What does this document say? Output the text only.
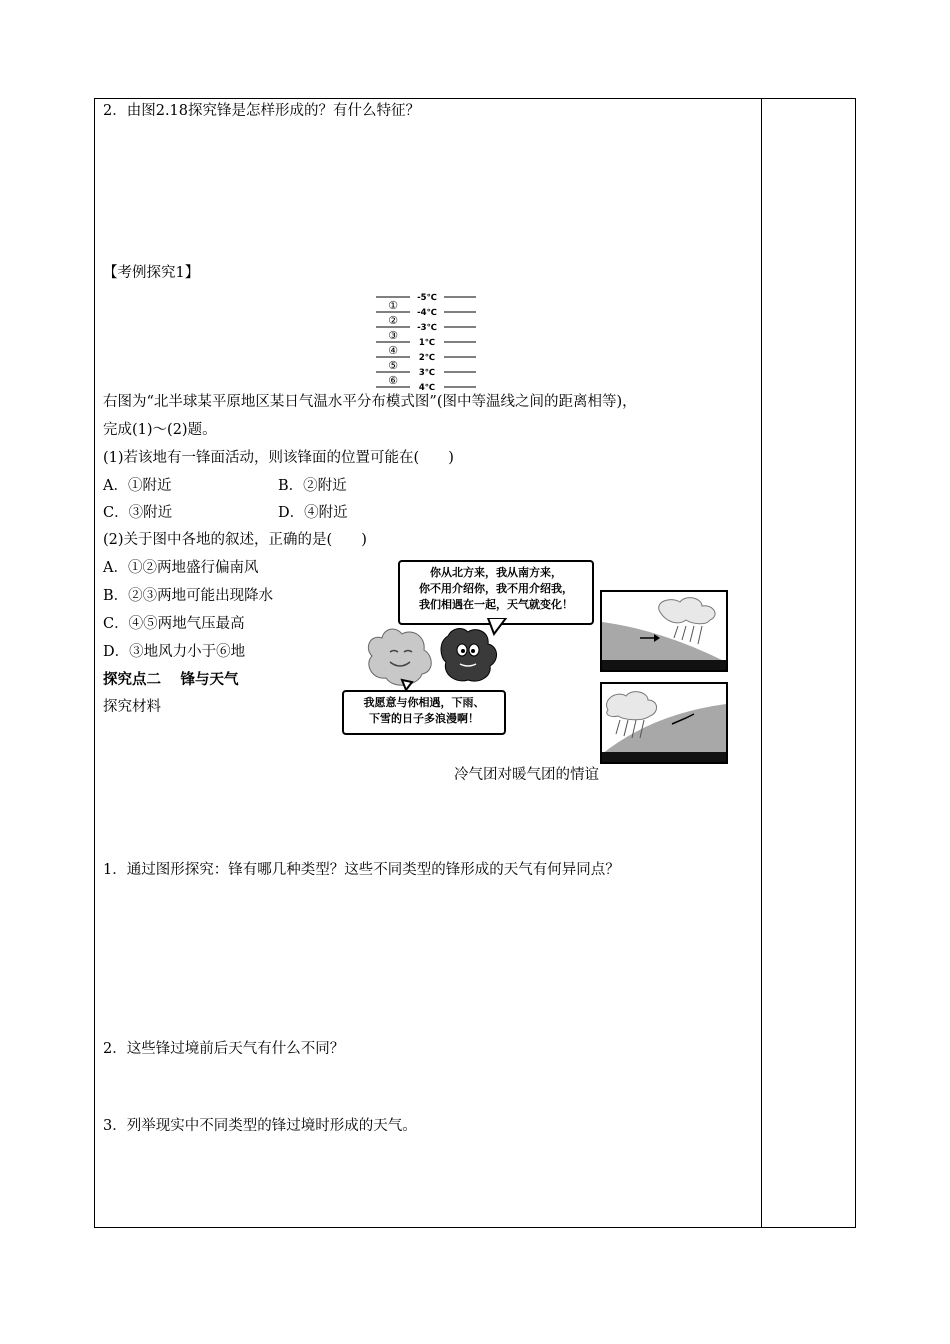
2．由图2.18探究锋是怎样形成的？有什么特征？
【考例探究1】
-5℃
-4℃
-3℃
1℃
2℃
3℃
4℃
①
②
③
④
⑤
⑥
右图为“北半球某平原地区某日气温水平分布模式图”(图中等温线之间的距离相等)，
完成(1)～(2)题。
(1)若该地有一锋面活动，则该锋面的位置可能在(　　)
A．①附近	B．②附近
C．③附近	D．④附近
(2)关于图中各地的叙述，正确的是(　　)
A．①②两地盛行偏南风
B．②③两地可能出现降水
C．④⑤两地气压最高
D．③地风力小于⑥地
探究点二　 锋与天气
探究材料
你从北方来，我从南方来，
你不用介绍你，我不用介绍我，
我们相遇在一起，天气就变化！
我愿意与你相遇，下雨、
下雪的日子多浪漫啊！
冷气团对暖气团的情谊
1．通过图形探究：锋有哪几种类型？这些不同类型的锋形成的天气有何异同点？
2．这些锋过境前后天气有什么不同？
3．列举现实中不同类型的锋过境时形成的天气。
